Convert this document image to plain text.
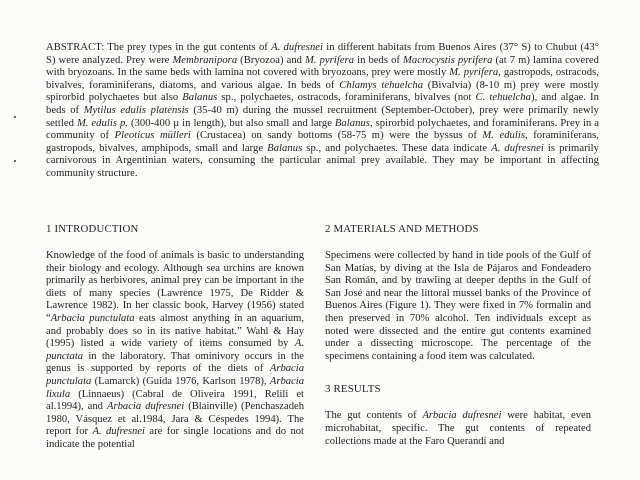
ABSTRACT: The prey types in the gut contents of A. dufresnei in different habitats from Buenos Aires (37° S) to Chubut (43° S) were analyzed. Prey were Membranipora (Bryozoa) and M. pyrifera in beds of Macrocystis pyrifera (at 7 m) lamina covered with bryozoans. In the same beds with lamina not covered with bryozoans, prey were mostly M. pyrifera, gastropods, ostracods, bivalves, foraminiferans, diatoms, and various algae. In beds of Chlamys tehuelcha (Bivalvia) (8-10 m) prey were mostly spirorbid polychaetes but also Balanus sp., polychaetes, ostracods, foraminiferans, bivalves (not C. tehuelcha), and algae. In beds of Mytilus edulis platensis (35-40 m) during the mussel recruitment (September-October), prey were primarily newly settled M. edulis p. (300-400 µ in length), but also small and large Balanus, spirorbid polychaetes, and foraminiferans. Prey in a community of Pleoticus mülleri (Crustacea) on sandy bottoms (58-75 m) were the byssus of M. edulis, foraminiferans, gastropods, bivalves, amphipods, small and large Balanus sp., and polychaetes. These data indicate A. dufresnei is primarily carnivorous in Argentinian waters, consuming the particular animal prey available. They may be important in affecting community structure.
1 INTRODUCTION

Knowledge of the food of animals is basic to understanding their biology and ecology. Although sea urchins are known primarily as herbivores, animal prey can be important in the diets of many species (Lawrence 1975, De Ridder & Lawrence 1982). In her classic book, Harvey (1956) stated “Arbacia punctulata eats almost anything in an aquarium, and probably does so in its native habitat.” Wahl & Hay (1995) listed a wide variety of items consumed by A. punctata in the laboratory. That ominivory occurs in the genus is supported by reports of the diets of Arbacia punctulata (Lamarck) (Guida 1976, Karlson 1978), Arbacia lixula (Linnaeus) (Cabral de Oliveira 1991, Relili et al.1994), and Arbacia dufresnei (Blainville) (Penchaszadeh 1980, Vásquez et al.1984, Jara & Céspedes 1994). The report for A. dufresnei are for single locations and do not indicate the potential

2 MATERIALS AND METHODS

Specimens were collected by hand in tide pools of the Gulf of San Matías, by diving at the Isla de Pájaros and Fondeadero San Román, and by trawling at deeper depths in the Gulf of San José and near the littoral mussel banks of the Province of Buenos Aires (Figure 1). They were fixed in 7% formalin and then preserved in 70% alcohol. Ten individuals except as noted were dissected and the entire gut contents examined under a dissecting microscope. The percentage of the specimens containing a food item was calculated.

3 RESULTS

The gut contents of Arbacia dufresnei were habitat, even microhabitat, specific. The gut contents of repeated collections made at the Faro Querandí and
